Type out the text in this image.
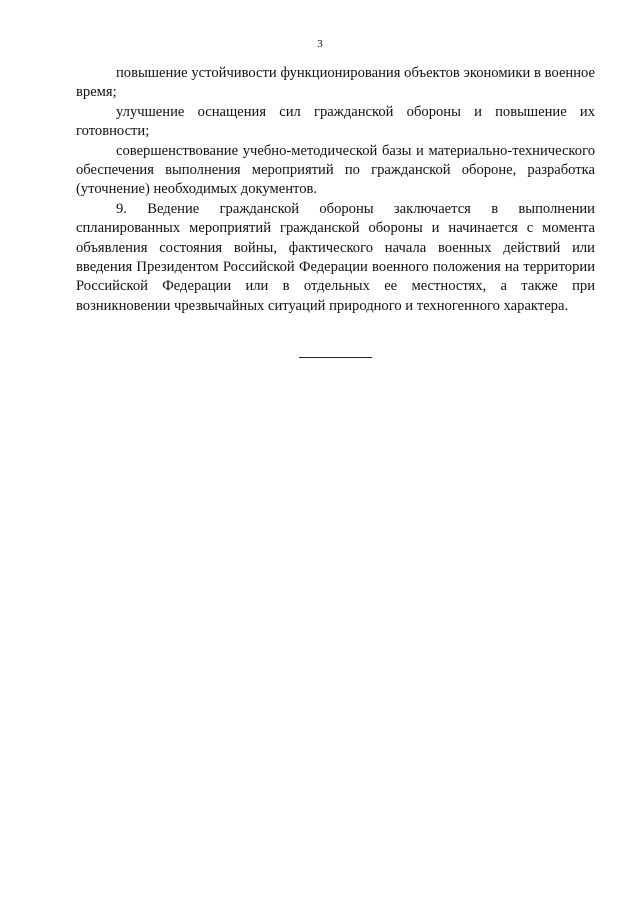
3

повышение устойчивости функционирования объектов экономики в военное время;

улучшение оснащения сил гражданской обороны и повышение их готовности;

совершенствование учебно-методической базы и материально-технического обеспечения выполнения мероприятий по гражданской обороне, разработка (уточнение) необходимых документов.

9. Ведение гражданской обороны заключается в выполнении спланированных мероприятий гражданской обороны и начинается с момента объявления состояния войны, фактического начала военных действий или введения Президентом Российской Федерации военного положения на территории Российской Федерации или в отдельных ее местностях, а также при возникновении чрезвычайных ситуаций природного и техногенного характера.
